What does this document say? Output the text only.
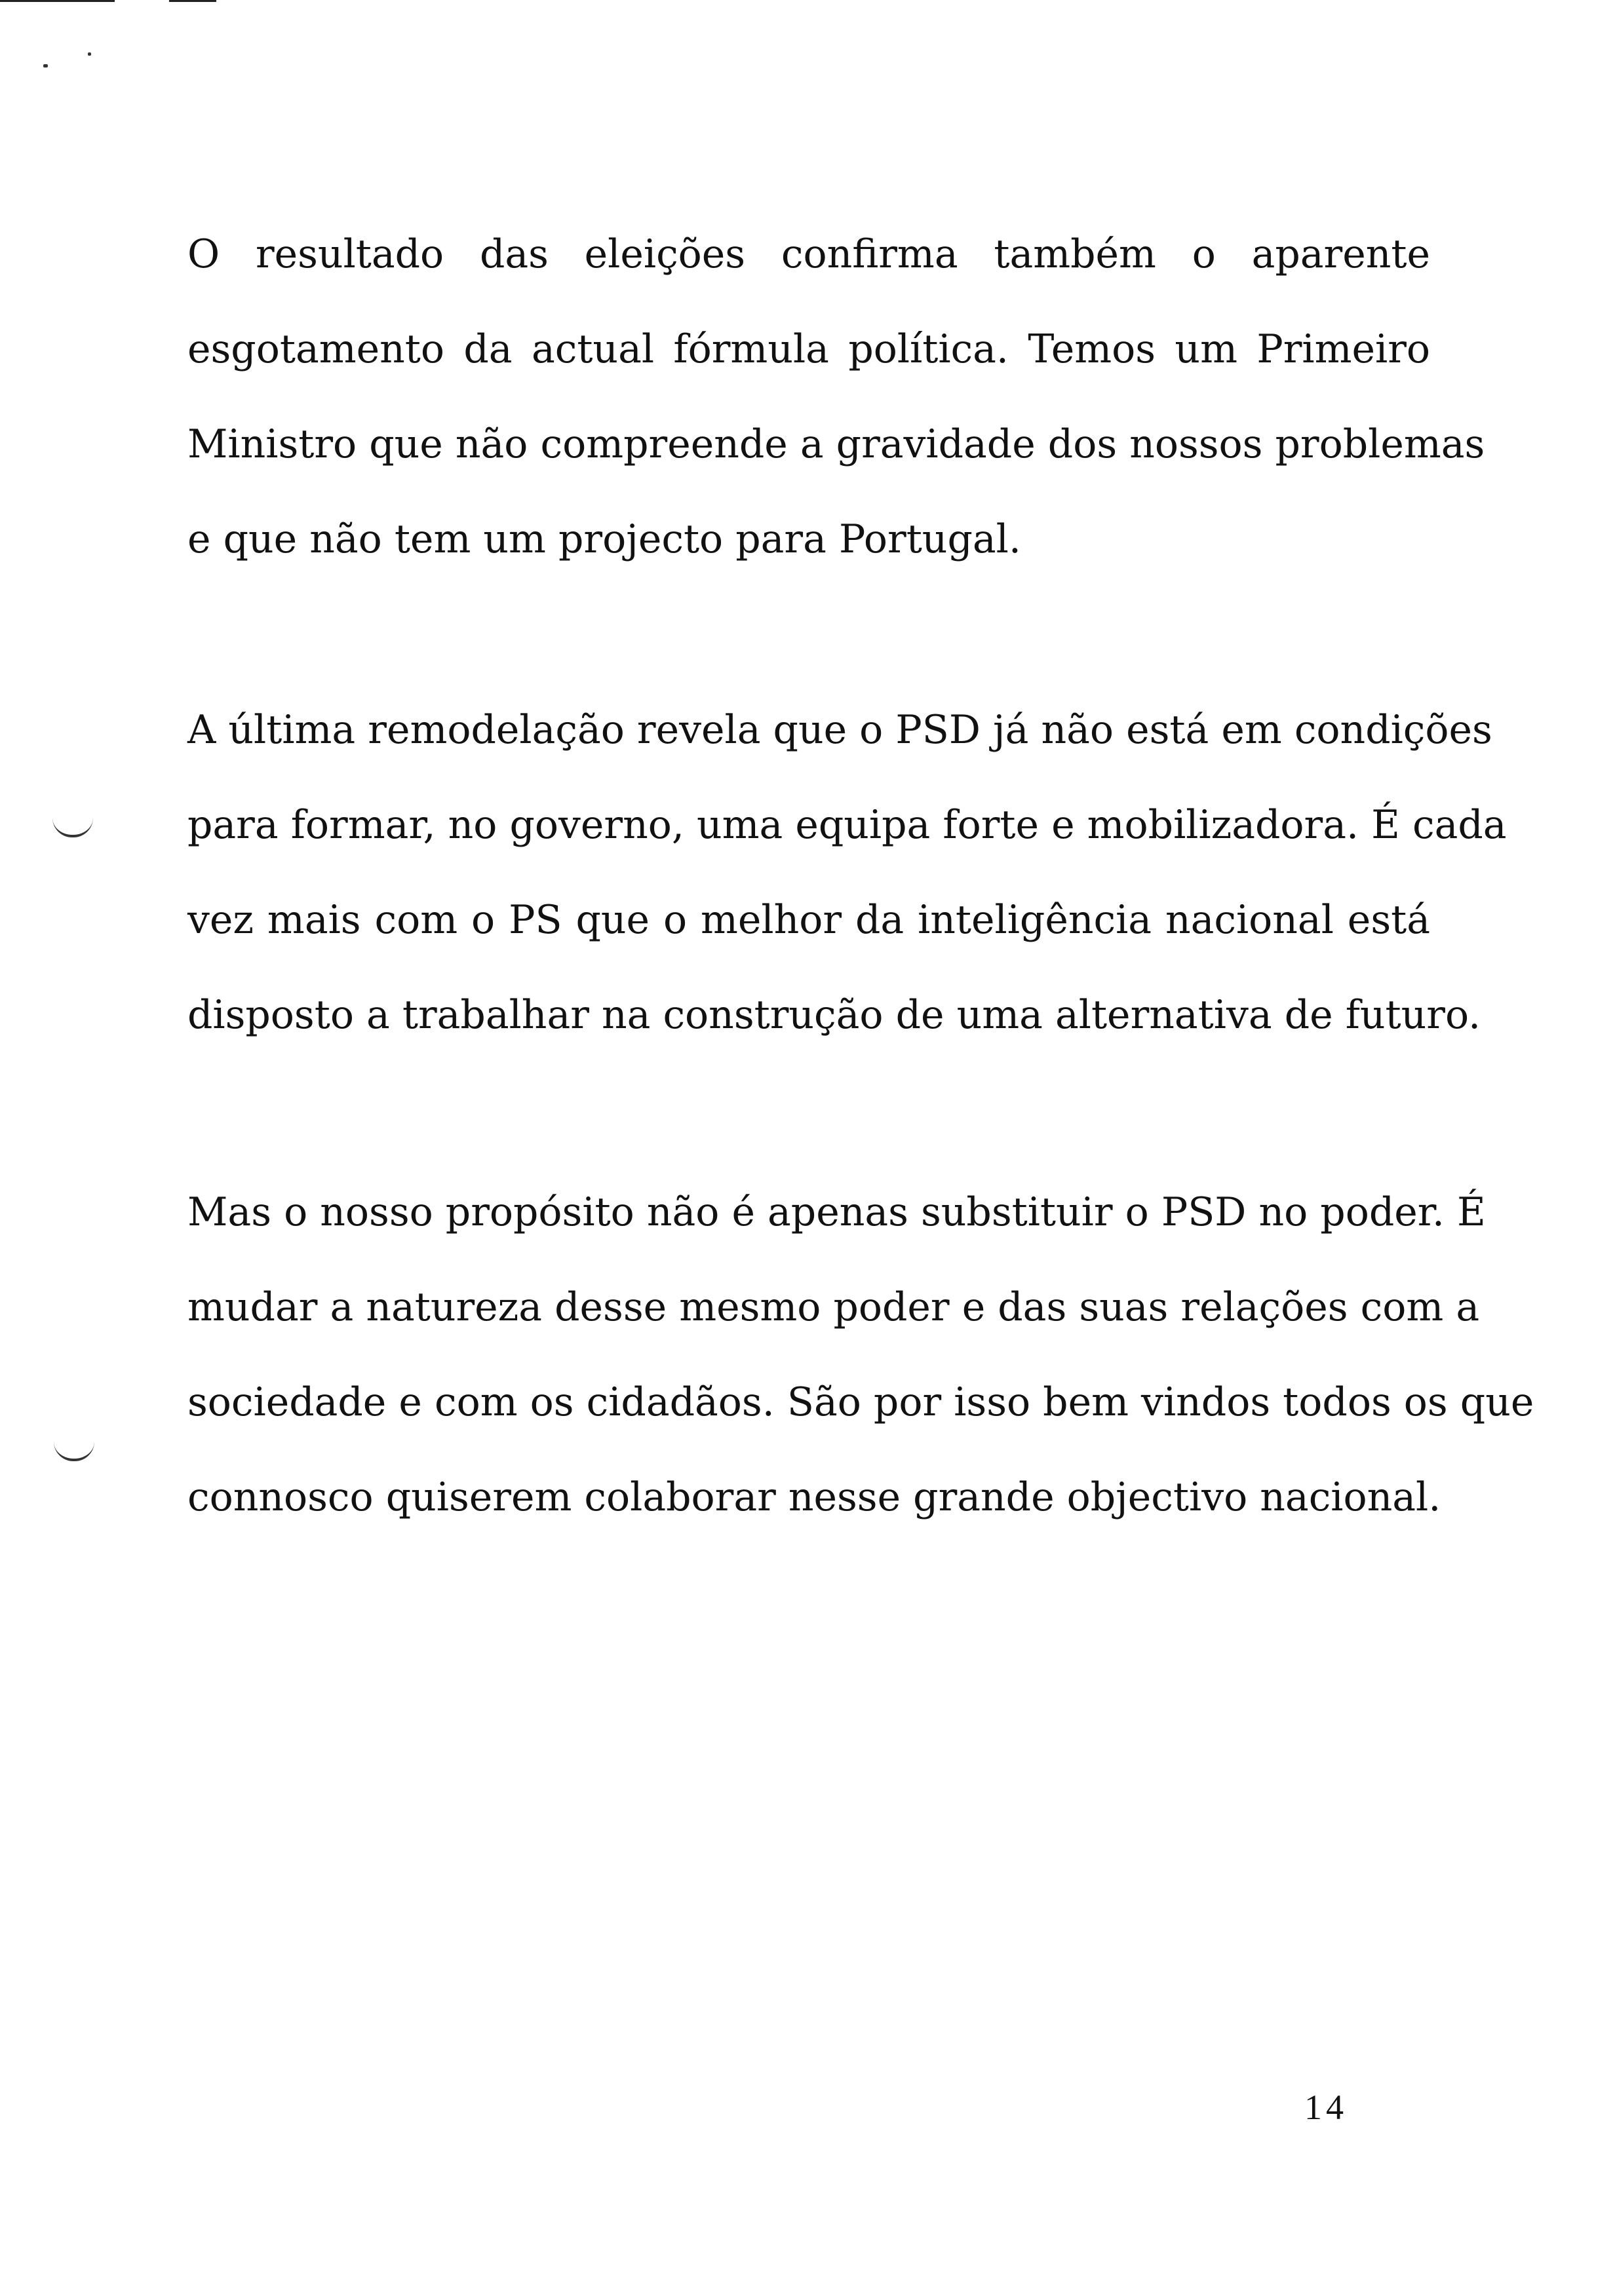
O resultado das eleições confirma também o aparente
esgotamento da actual fórmula política. Temos um Primeiro
Ministro que não compreende a gravidade dos nossos problemas
e que não tem um projecto para Portugal.
A última remodelação revela que o PSD já não está em condições
para formar, no governo, uma equipa forte e mobilizadora. É cada
vez mais com o PS que o melhor da inteligência nacional está
disposto a trabalhar na construção de uma alternativa de futuro.
Mas o nosso propósito não é apenas substituir o PSD no poder. É
mudar a natureza desse mesmo poder e das suas relações com a
sociedade e com os cidadãos. São por isso bem vindos todos os que
connosco quiserem colaborar nesse grande objectivo nacional.
14
